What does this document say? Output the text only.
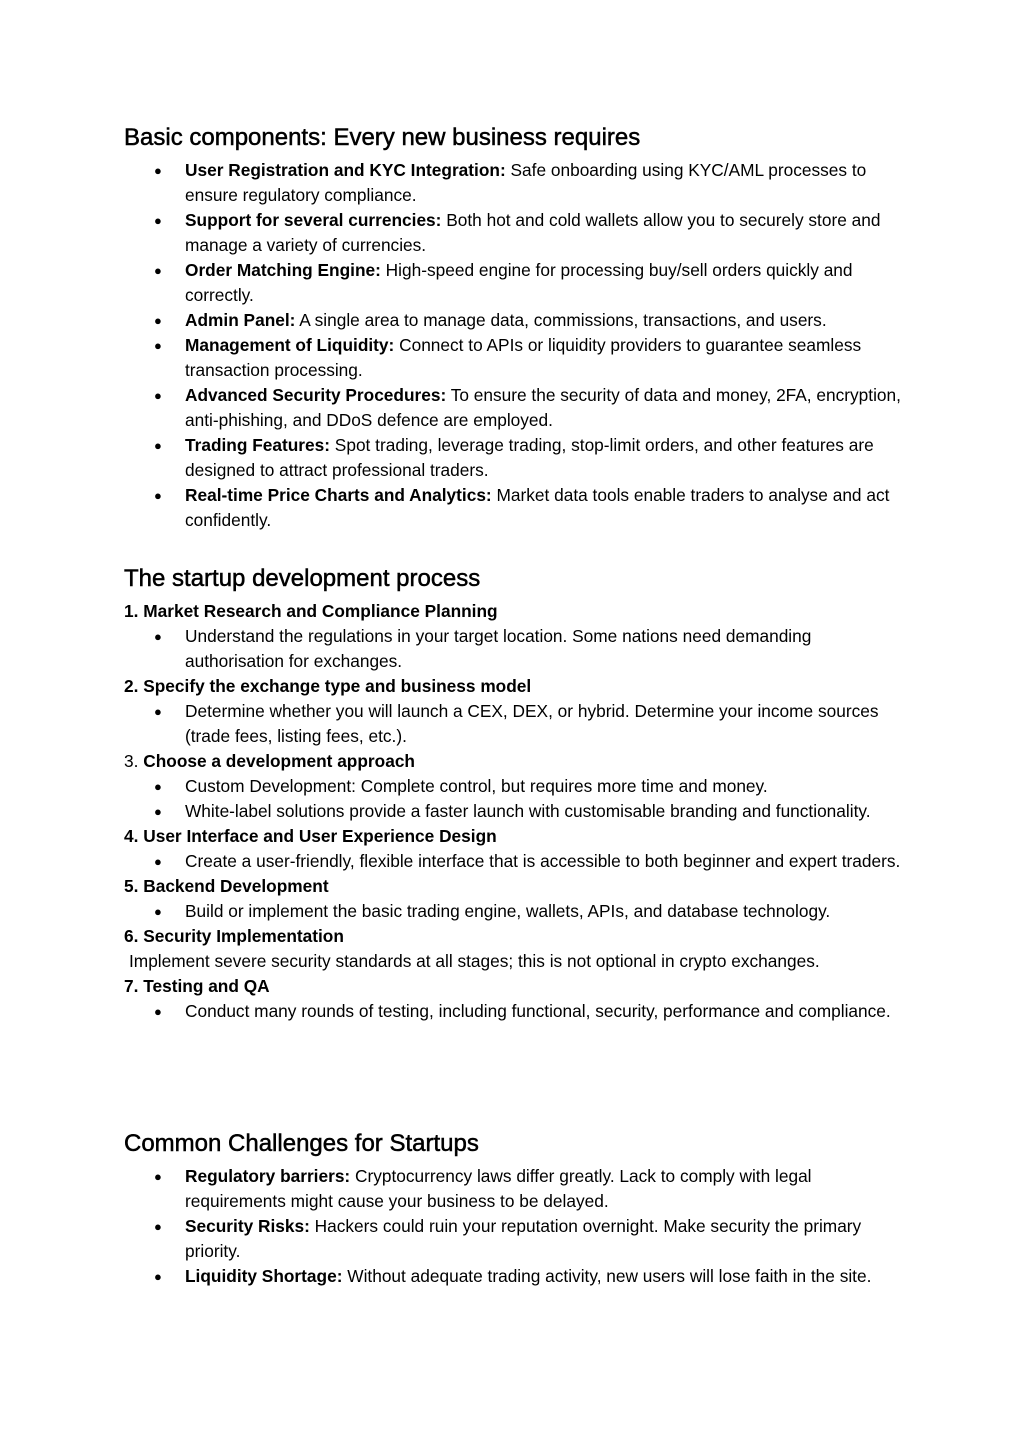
Basic components: Every new business requires
● User Registration and KYC Integration: Safe onboarding using KYC/AML processes to ensure regulatory compliance.
● Support for several currencies: Both hot and cold wallets allow you to securely store and manage a variety of currencies.
● Order Matching Engine: High-speed engine for processing buy/sell orders quickly and correctly.
● Admin Panel: A single area to manage data, commissions, transactions, and users.
● Management of Liquidity: Connect to APIs or liquidity providers to guarantee seamless transaction processing.
● Advanced Security Procedures: To ensure the security of data and money, 2FA, encryption, anti-phishing, and DDoS defence are employed.
● Trading Features: Spot trading, leverage trading, stop-limit orders, and other features are designed to attract professional traders.
● Real-time Price Charts and Analytics: Market data tools enable traders to analyse and act confidently.
The startup development process
1. Market Research and Compliance Planning
● Understand the regulations in your target location. Some nations need demanding authorisation for exchanges.
2. Specify the exchange type and business model
● Determine whether you will launch a CEX, DEX, or hybrid. Determine your income sources (trade fees, listing fees, etc.).
3. Choose a development approach
● Custom Development: Complete control, but requires more time and money.
● White-label solutions provide a faster launch with customisable branding and functionality.
4. User Interface and User Experience Design
● Create a user-friendly, flexible interface that is accessible to both beginner and expert traders.
5. Backend Development
● Build or implement the basic trading engine, wallets, APIs, and database technology.
6. Security Implementation
Implement severe security standards at all stages; this is not optional in crypto exchanges.
7. Testing and QA
● Conduct many rounds of testing, including functional, security, performance and compliance.
Common Challenges for Startups
● Regulatory barriers: Cryptocurrency laws differ greatly. Lack to comply with legal requirements might cause your business to be delayed.
● Security Risks: Hackers could ruin your reputation overnight. Make security the primary priority.
● Liquidity Shortage: Without adequate trading activity, new users will lose faith in the site.
